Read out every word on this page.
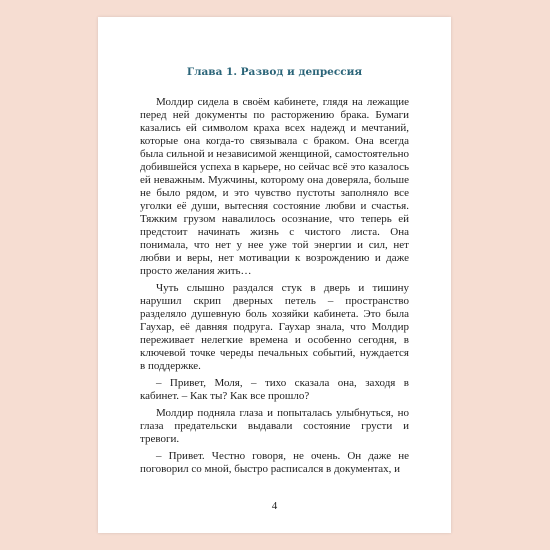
Глава 1. Развод и депрессия

Молдир сидела в своём кабинете, глядя на лежащие
перед ней документы по расторжению брака. Бумаги
казались ей символом краха всех надежд и мечтаний,
которые она когда-то связывала с браком. Она всегда
была сильной и независимой женщиной, самостоятельно
добившейся успеха в карьере, но сейчас всё это казалось
ей неважным. Мужчины, которому она доверяла, больше
не было рядом, и это чувство пустоты заполняло все
уголки её души, вытесняя состояние любви и счастья.
Тяжким грузом навалилось осознание, что теперь ей
предстоит начинать жизнь с чистого листа. Она
понимала, что нет у нее уже той энергии и сил, нет
любви и веры, нет мотивации к возрождению и даже
просто желания жить…

Чуть слышно раздался стук в дверь и тишину
нарушил скрип дверных петель – пространство
разделяло душевную боль хозяйки кабинета. Это была
Гаухар, её давняя подруга. Гаухар знала, что Молдир
переживает нелегкие времена и особенно сегодня, в
ключевой точке череды печальных событий, нуждается
в поддержке.

– Привет, Моля, – тихо сказала она, заходя в
кабинет. – Как ты? Как все прошло?

Молдир подняла глаза и попыталась улыбнуться, но
глаза предательски выдавали состояние грусти и
тревоги.

– Привет. Честно говоря, не очень. Он даже не
поговорил со мной, быстро расписался в документах, и

4
